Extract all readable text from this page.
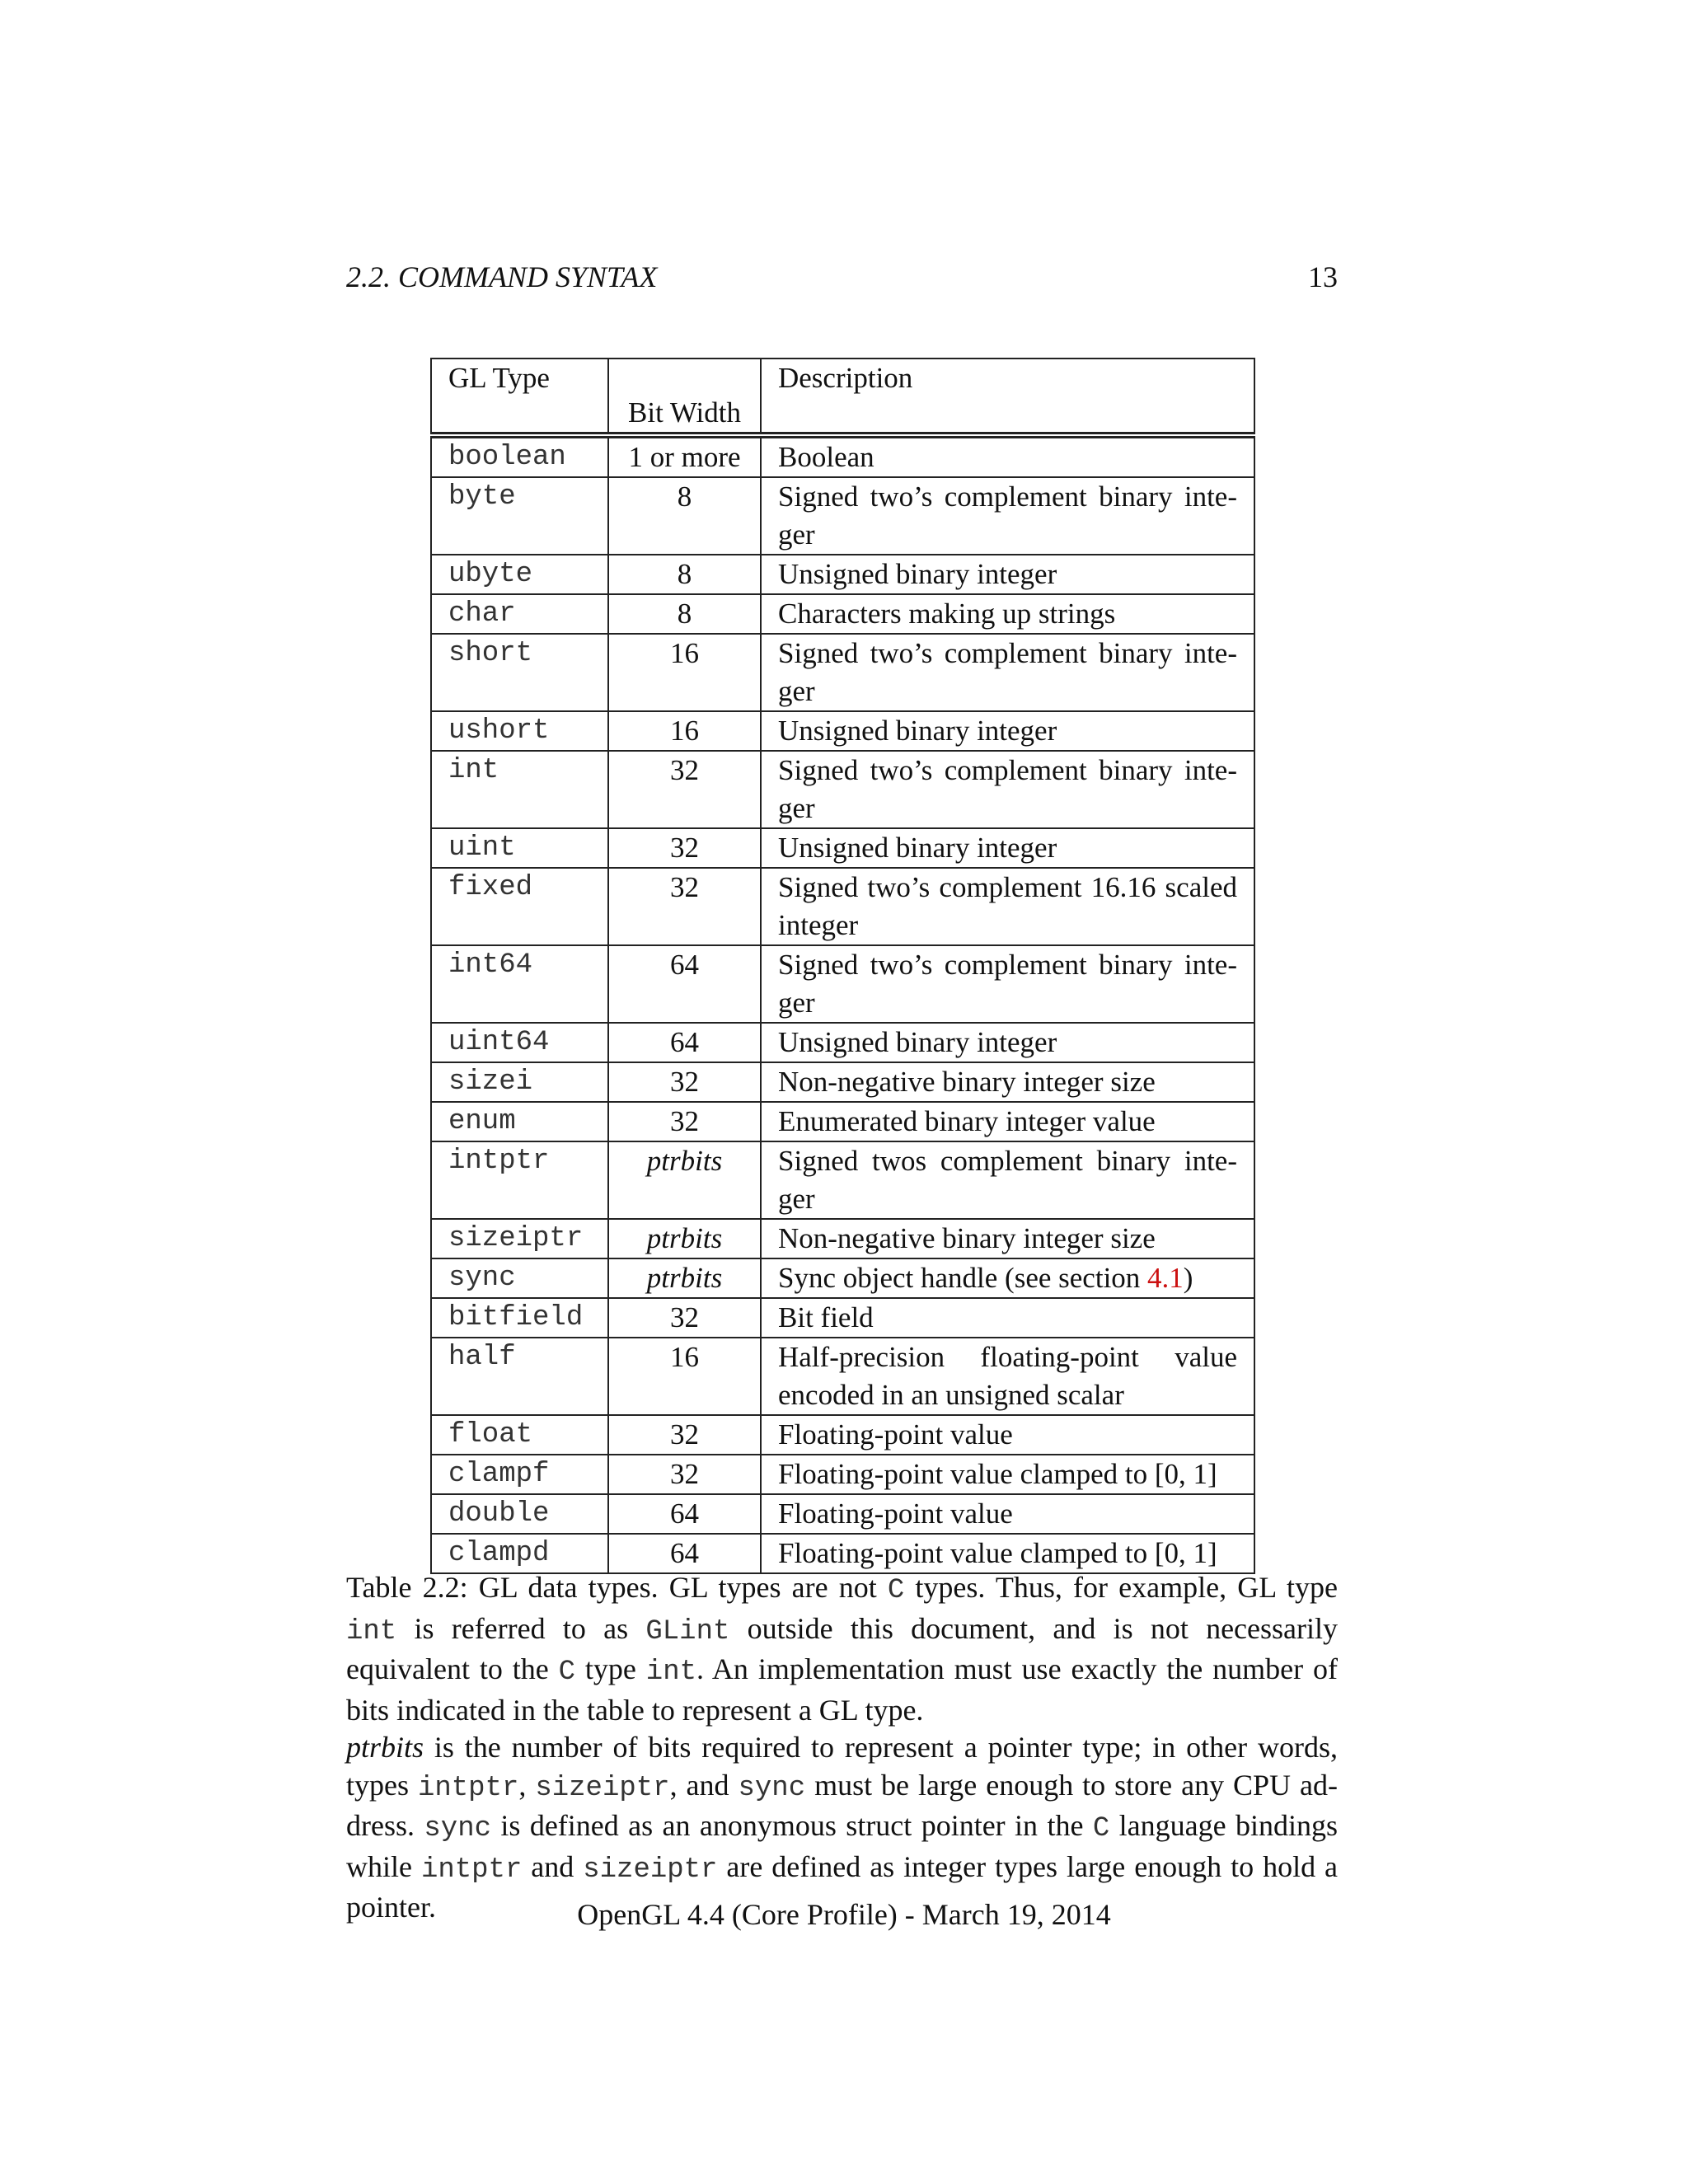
2.2. COMMAND SYNTAX	13
GL Type	Bit Width	Description
boolean	1 or more	Boolean
byte	8	Signed two’s complement binary inte-ger
ubyte	8	Unsigned binary integer
char	8	Characters making up strings
short	16	Signed two’s complement binary inte-ger
ushort	16	Unsigned binary integer
int	32	Signed two’s complement binary inte-ger
uint	32	Unsigned binary integer
fixed	32	Signed two’s complement 16.16 scaled integer
int64	64	Signed two’s complement binary inte-ger
uint64	64	Unsigned binary integer
sizei	32	Non-negative binary integer size
enum	32	Enumerated binary integer value
intptr	ptrbits	Signed twos complement binary inte-ger
sizeiptr	ptrbits	Non-negative binary integer size
sync	ptrbits	Sync object handle (see section 4.1)
bitfield	32	Bit field
half	16	Half-precision floating-point value encoded in an unsigned scalar
float	32	Floating-point value
clampf	32	Floating-point value clamped to [0, 1]
double	64	Floating-point value
clampd	64	Floating-point value clamped to [0, 1]

Table 2.2: GL data types. GL types are not C types. Thus, for example, GL type int is referred to as GLint outside this document, and is not necessarily equivalent to the C type int. An implementation must use exactly the number of bits indicated in the table to represent a GL type.

ptrbits is the number of bits required to represent a pointer type; in other words, types intptr, sizeiptr, and sync must be large enough to store any CPU ad-dress. sync is defined as an anonymous struct pointer in the C language bindings while intptr and sizeiptr are defined as integer types large enough to hold a pointer.	OpenGL 4.4 (Core Profile) - March 19, 2014
